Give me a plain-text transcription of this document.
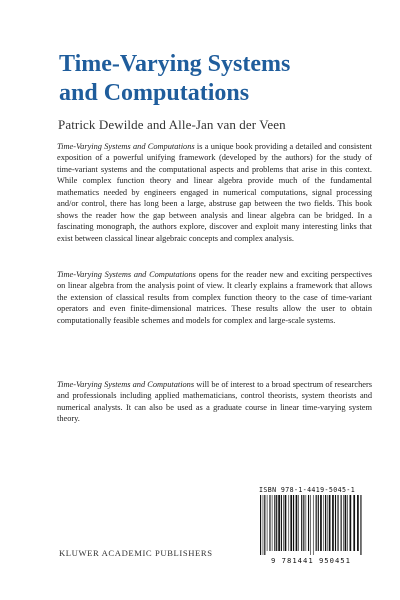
Time-Varying Systems
and Computations
Patrick Dewilde and Alle-Jan van der Veen

Time-Varying Systems and Computations is a unique book providing a detailed and consistent exposition of a powerful unifying framework (developed by the authors) for the study of time-variant systems and the computational aspects and problems that arise in this context. While complex function theory and linear algebra provide much of the fundamental mathematics needed by engineers engaged in numerical computations, signal processing and/or control, there has long been a large, abstruse gap between the two fields. This book shows the reader how the gap between analysis and linear algebra can be bridged. In a fascinating monograph, the authors explore, discover and exploit many interesting links that exist between classical linear algebraic concepts and complex analysis.

Time-Varying Systems and Computations opens for the reader new and exciting perspectives on linear algebra from the analysis point of view. It clearly explains a framework that allows the extension of classical results from complex function theory to the case of time-variant operators and even finite-dimensional matrices. These results allow the user to obtain computationally feasible schemes and models for complex and large-scale systems.

Time-Varying Systems and Computations will be of interest to a broad spectrum of researchers and professionals including applied mathematicians, control theorists, system theorists and numerical analysts. It can also be used as a graduate course in linear time-varying system theory.

ISBN 978-1-4419-5045-1
9 781441 950451
KLUWER ACADEMIC PUBLISHERS
